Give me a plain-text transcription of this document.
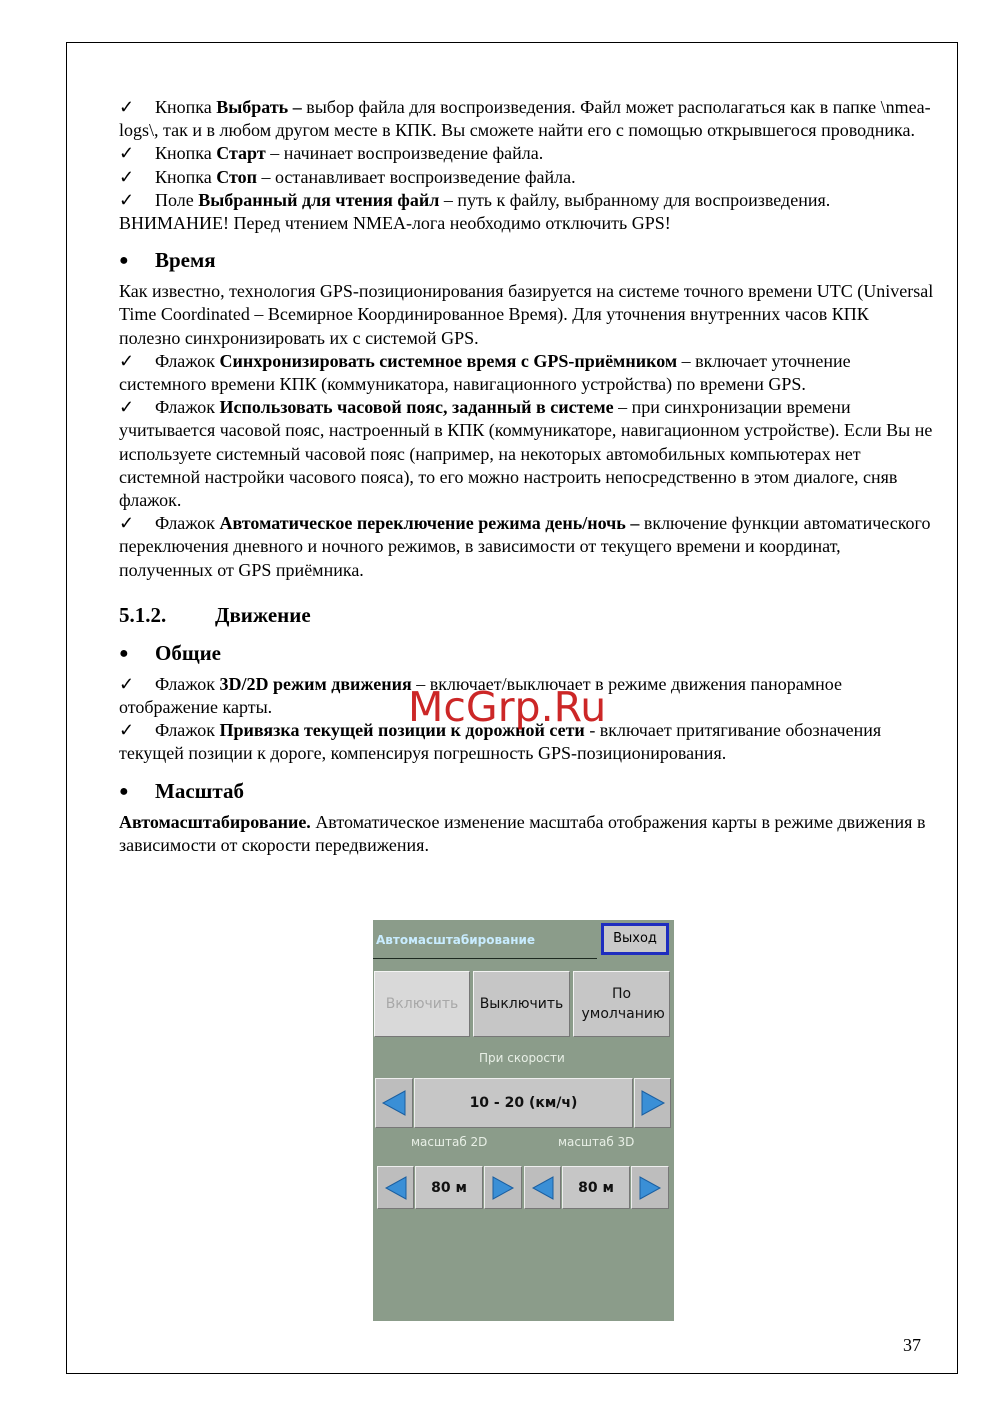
✓ Кнопка Выбрать – выбор файла для воспроизведения. Файл может располагаться как в папке \nmea-logs\, так и в любом другом месте в КПК. Вы сможете найти его с помощью открывшегося проводника.

✓ Кнопка Старт – начинает воспроизведение файла.

✓ Кнопка Стоп – останавливает воспроизведение файла.

✓ Поле Выбранный для чтения файл – путь к файлу, выбранному для воспроизведения.

ВНИМАНИЕ! Перед чтением NMEA-лога необходимо отключить GPS!

● Время

Как известно, технология GPS-позиционирования базируется на системе точного времени UTC (Universal Time Coordinated – Всемирное Координированное Время). Для уточнения внутренних часов КПК полезно синхронизировать их с системой GPS.

✓ Флажок Синхронизировать системное время с GPS-приёмником – включает уточнение системного времени КПК (коммуникатора, навигационного устройства) по времени GPS.

✓ Флажок Использовать часовой пояс, заданный в системе – при синхронизации времени учитывается часовой пояс, настроенный в КПК (коммуникаторе, навигационном устройстве). Если Вы не используете системный часовой пояс (например, на некоторых автомобильных компьютерах нет системной настройки часового пояса), то его можно настроить непосредственно в этом диалоге, сняв флажок.

✓ Флажок Автоматическое переключение режима день/ночь – включение функции автоматического переключения дневного и ночного режимов, в зависимости от текущего времени и координат, полученных от GPS приёмника.

5.1.2. Движение
● Общие

✓ Флажок 3D/2D режим движения – включает/выключает в режиме движения панорамное отображение карты.

✓ Флажок Привязка текущей позиции к дорожной сети - включает притягивание обозначения текущей позиции к дороге, компенсируя погрешность GPS-позиционирования.

● Масштаб

Автомасштабирование. Автоматическое изменение масштаба отображения карты в режиме движения в зависимости от скорости передвижения.

McGrp.Ru
Автомасштабирование	Выход
Включить	Выключить
По умолчанию
При скорости
10 - 20 (км/ч)
масштаб 2D	масштаб 3D
80 м	80 м
37
